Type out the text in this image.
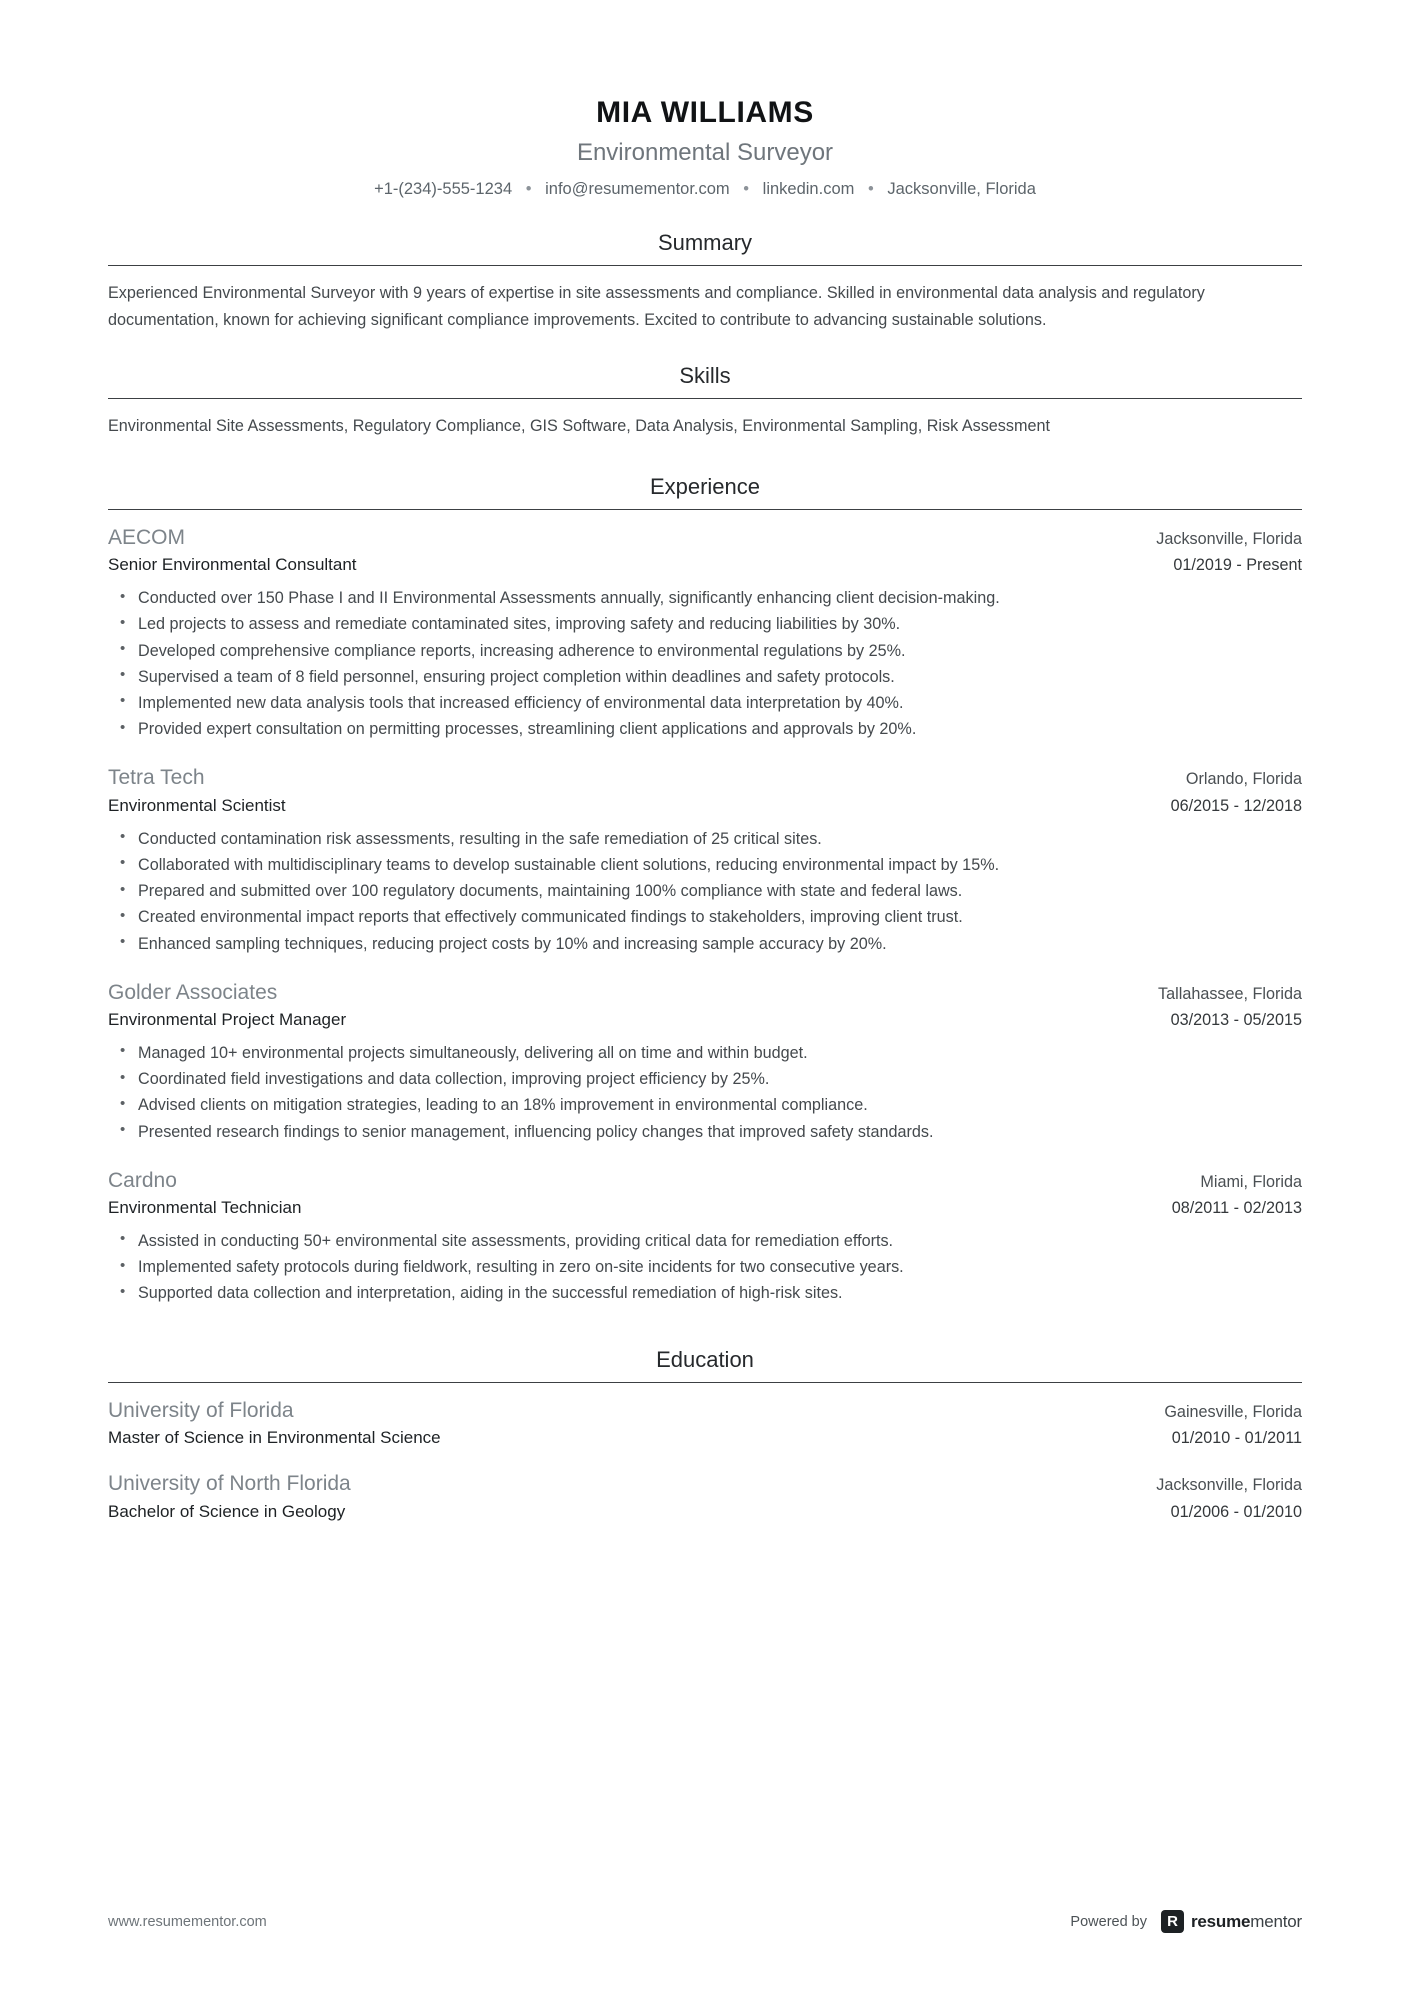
MIA WILLIAMS
Environmental Surveyor
+1-(234)-555-1234 • info@resumementor.com • linkedin.com • Jacksonville, Florida
Summary

Experienced Environmental Surveyor with 9 years of expertise in site assessments and compliance. Skilled in environmental data analysis and regulatory documentation, known for achieving significant compliance improvements. Excited to contribute to advancing sustainable solutions.

Skills

Environmental Site Assessments, Regulatory Compliance, GIS Software, Data Analysis, Environmental Sampling, Risk Assessment

Experience
AECOM	Jacksonville, Florida
Senior Environmental Consultant	01/2019 - Present
• Conducted over 150 Phase I and II Environmental Assessments annually, significantly enhancing client decision-making.
• Led projects to assess and remediate contaminated sites, improving safety and reducing liabilities by 30%.
• Developed comprehensive compliance reports, increasing adherence to environmental regulations by 25%.
• Supervised a team of 8 field personnel, ensuring project completion within deadlines and safety protocols.
• Implemented new data analysis tools that increased efficiency of environmental data interpretation by 40%.
• Provided expert consultation on permitting processes, streamlining client applications and approvals by 20%.
Tetra Tech	Orlando, Florida
Environmental Scientist	06/2015 - 12/2018
• Conducted contamination risk assessments, resulting in the safe remediation of 25 critical sites.
• Collaborated with multidisciplinary teams to develop sustainable client solutions, reducing environmental impact by 15%.
• Prepared and submitted over 100 regulatory documents, maintaining 100% compliance with state and federal laws.
• Created environmental impact reports that effectively communicated findings to stakeholders, improving client trust.
• Enhanced sampling techniques, reducing project costs by 10% and increasing sample accuracy by 20%.
Golder Associates	Tallahassee, Florida
Environmental Project Manager	03/2013 - 05/2015
• Managed 10+ environmental projects simultaneously, delivering all on time and within budget.
• Coordinated field investigations and data collection, improving project efficiency by 25%.
• Advised clients on mitigation strategies, leading to an 18% improvement in environmental compliance.
• Presented research findings to senior management, influencing policy changes that improved safety standards.
Cardno	Miami, Florida
Environmental Technician	08/2011 - 02/2013
• Assisted in conducting 50+ environmental site assessments, providing critical data for remediation efforts.
• Implemented safety protocols during fieldwork, resulting in zero on-site incidents for two consecutive years.
• Supported data collection and interpretation, aiding in the successful remediation of high-risk sites.
Education
University of Florida	Gainesville, Florida
Master of Science in Environmental Science	01/2010 - 01/2011
University of North Florida	Jacksonville, Florida
Bachelor of Science in Geology	01/2006 - 01/2010
www.resumementor.com	Powered by R	resumementor
